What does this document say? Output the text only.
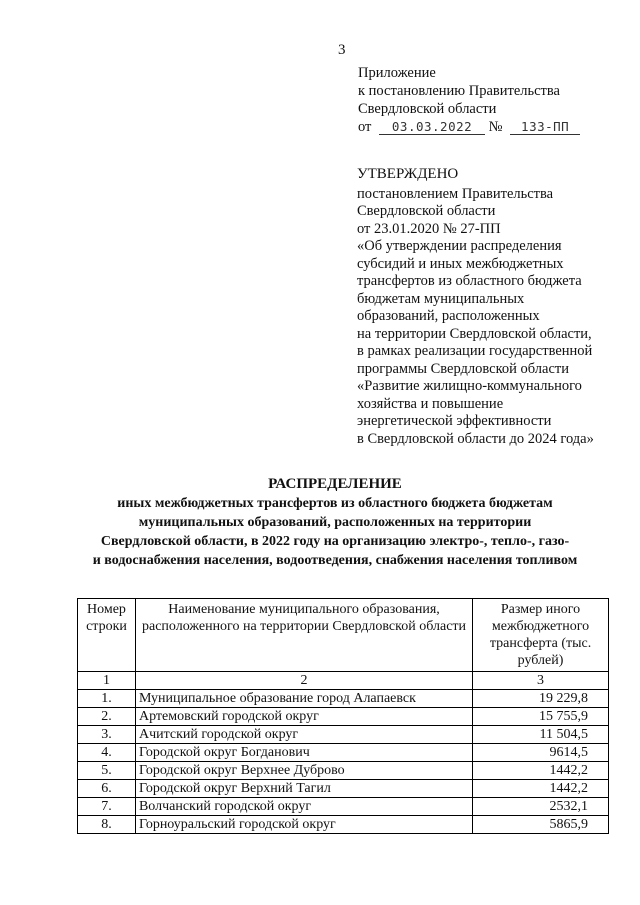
3
Приложение
к постановлению Правительства
Свердловской области
от 03.03.2022 № 133-ПП
УТВЕРЖДЕНО
постановлением Правительства
Свердловской области
от 23.01.2020 № 27-ПП
«Об утверждении распределения
субсидий и иных межбюджетных
трансфертов из областного бюджета
бюджетам муниципальных
образований, расположенных
на территории Свердловской области,
в рамках реализации государственной
программы Свердловской области
«Развитие жилищно-коммунального
хозяйства и повышение
энергетической эффективности
в Свердловской области до 2024 года»
РАСПРЕДЕЛЕНИЕ
иных межбюджетных трансфертов из областного бюджета бюджетам
муниципальных образований, расположенных на территории
Свердловской области, в 2022 году на организацию электро-, тепло-, газо-
и водоснабжения населения, водоотведения, снабжения населения топливом
Номер строки	Наименование муниципального образования, расположенного на территории Свердловской области	Размер иного межбюджетного трансферта (тыс. рублей)
1	2	3
1.	Муниципальное образование город Алапаевск	19 229,8
2.	Артемовский городской округ	15 755,9
3.	Ачитский городской округ	11 504,5
4.	Городской округ Богданович	9614,5
5.	Городской округ Верхнее Дуброво	1442,2
6.	Городской округ Верхний Тагил	1442,2
7.	Волчанский городской округ	2532,1
8.	Горноуральский городской округ	5865,9
